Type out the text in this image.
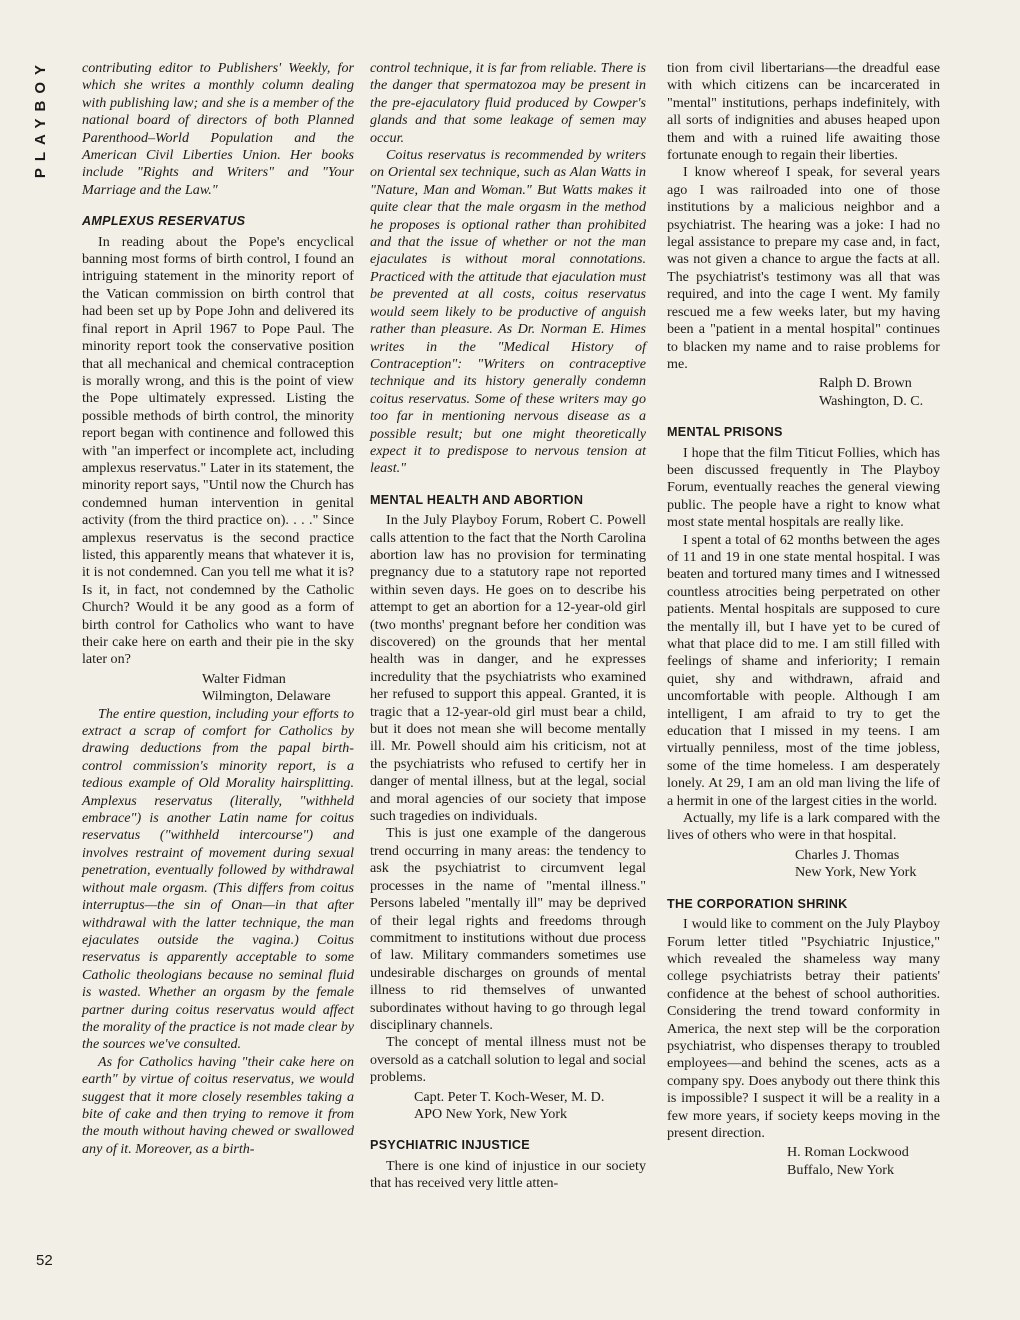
PLAYBOY
52

contributing editor to Publishers' Weekly, for which she writes a monthly column dealing with publishing law; and she is a member of the national board of directors of both Planned Parenthood–World Population and the American Civil Liberties Union. Her books include "Rights and Writers" and "Your Marriage and the Law."

AMPLEXUS RESERVATUS

In reading about the Pope's encyclical banning most forms of birth control, I found an intriguing statement in the minority report of the Vatican commission on birth control that had been set up by Pope John and delivered its final report in April 1967 to Pope Paul. The minority report took the conservative position that all mechanical and chemical contraception is morally wrong, and this is the point of view the Pope ultimately expressed. Listing the possible methods of birth control, the minority report began with continence and followed this with "an imperfect or incomplete act, including amplexus reservatus." Later in its statement, the minority report says, "Until now the Church has condemned human intervention in genital activity (from the third practice on). . . ." Since amplexus reservatus is the second practice listed, this apparently means that whatever it is, it is not condemned. Can you tell me what it is? Is it, in fact, not condemned by the Catholic Church? Would it be any good as a form of birth control for Catholics who want to have their cake here on earth and their pie in the sky later on?

Walter Fidman
Wilmington, Delaware

The entire question, including your efforts to extract a scrap of comfort for Catholics by drawing deductions from the papal birth-control commission's minority report, is a tedious example of Old Morality hairsplitting. Amplexus reservatus (literally, "withheld embrace") is another Latin name for coitus reservatus ("withheld intercourse") and involves restraint of movement during sexual penetration, eventually followed by withdrawal without male orgasm. (This differs from coitus interruptus—the sin of Onan—in that after withdrawal with the latter technique, the man ejaculates outside the vagina.) Coitus reservatus is apparently acceptable to some Catholic theologians because no seminal fluid is wasted. Whether an orgasm by the female partner during coitus reservatus would affect the morality of the practice is not made clear by the sources we've consulted.

As for Catholics having "their cake here on earth" by virtue of coitus reservatus, we would suggest that it more closely resembles taking a bite of cake and then trying to remove it from the mouth without having chewed or swallowed any of it. Moreover, as a birth-

control technique, it is far from reliable. There is the danger that spermatozoa may be present in the pre-ejaculatory fluid produced by Cowper's glands and that some leakage of semen may occur.

Coitus reservatus is recommended by writers on Oriental sex technique, such as Alan Watts in "Nature, Man and Woman." But Watts makes it quite clear that the male orgasm in the method he proposes is optional rather than prohibited and that the issue of whether or not the man ejaculates is without moral connotations. Practiced with the attitude that ejaculation must be prevented at all costs, coitus reservatus would seem likely to be productive of anguish rather than pleasure. As Dr. Norman E. Himes writes in the "Medical History of Contraception": "Writers on contraceptive technique and its history generally condemn coitus reservatus. Some of these writers may go too far in mentioning nervous disease as a possible result; but one might theoretically expect it to predispose to nervous tension at least."

MENTAL HEALTH AND ABORTION

In the July Playboy Forum, Robert C. Powell calls attention to the fact that the North Carolina abortion law has no provision for terminating pregnancy due to a statutory rape not reported within seven days. He goes on to describe his attempt to get an abortion for a 12-year-old girl (two months' pregnant before her condition was discovered) on the grounds that her mental health was in danger, and he expresses incredulity that the psychiatrists who examined her refused to support this appeal. Granted, it is tragic that a 12-year-old girl must bear a child, but it does not mean she will become mentally ill. Mr. Powell should aim his criticism, not at the psychiatrists who refused to certify her in danger of mental illness, but at the legal, social and moral agencies of our society that impose such tragedies on individuals.

This is just one example of the dangerous trend occurring in many areas: the tendency to ask the psychiatrist to circumvent legal processes in the name of "mental illness." Persons labeled "mentally ill" may be deprived of their legal rights and freedoms through commitment to institutions without due process of law. Military commanders sometimes use undesirable discharges on grounds of mental illness to rid themselves of unwanted subordinates without having to go through legal disciplinary channels.

The concept of mental illness must not be oversold as a catchall solution to legal and social problems.

Capt. Peter T. Koch-Weser, M. D.
APO New York, New York
PSYCHIATRIC INJUSTICE

There is one kind of injustice in our society that has received very little atten-

tion from civil libertarians—the dreadful ease with which citizens can be incarcerated in "mental" institutions, perhaps indefinitely, with all sorts of indignities and abuses heaped upon them and with a ruined life awaiting those fortunate enough to regain their liberties.

I know whereof I speak, for several years ago I was railroaded into one of those institutions by a malicious neighbor and a psychiatrist. The hearing was a joke: I had no legal assistance to prepare my case and, in fact, was not given a chance to argue the facts at all. The psychiatrist's testimony was all that was required, and into the cage I went. My family rescued me a few weeks later, but my having been a "patient in a mental hospital" continues to blacken my name and to raise problems for me.

Ralph D. Brown
Washington, D. C.
MENTAL PRISONS

I hope that the film Titicut Follies, which has been discussed frequently in The Playboy Forum, eventually reaches the general viewing public. The people have a right to know what most state mental hospitals are really like.

I spent a total of 62 months between the ages of 11 and 19 in one state mental hospital. I was beaten and tortured many times and I witnessed countless atrocities being perpetrated on other patients. Mental hospitals are supposed to cure the mentally ill, but I have yet to be cured of what that place did to me. I am still filled with feelings of shame and inferiority; I remain quiet, shy and withdrawn, afraid and uncomfortable with people. Although I am intelligent, I am afraid to try to get the education that I missed in my teens. I am virtually penniless, most of the time jobless, some of the time homeless. I am desperately lonely. At 29, I am an old man living the life of a hermit in one of the largest cities in the world.

Actually, my life is a lark compared with the lives of others who were in that hospital.

Charles J. Thomas
New York, New York
THE CORPORATION SHRINK

I would like to comment on the July Playboy Forum letter titled "Psychiatric Injustice," which revealed the shameless way many college psychiatrists betray their patients' confidence at the behest of school authorities. Considering the trend toward conformity in America, the next step will be the corporation psychiatrist, who dispenses therapy to troubled employees—and behind the scenes, acts as a company spy. Does anybody out there think this is impossible? I suspect it will be a reality in a few more years, if society keeps moving in the present direction.

H. Roman Lockwood
Buffalo, New York
